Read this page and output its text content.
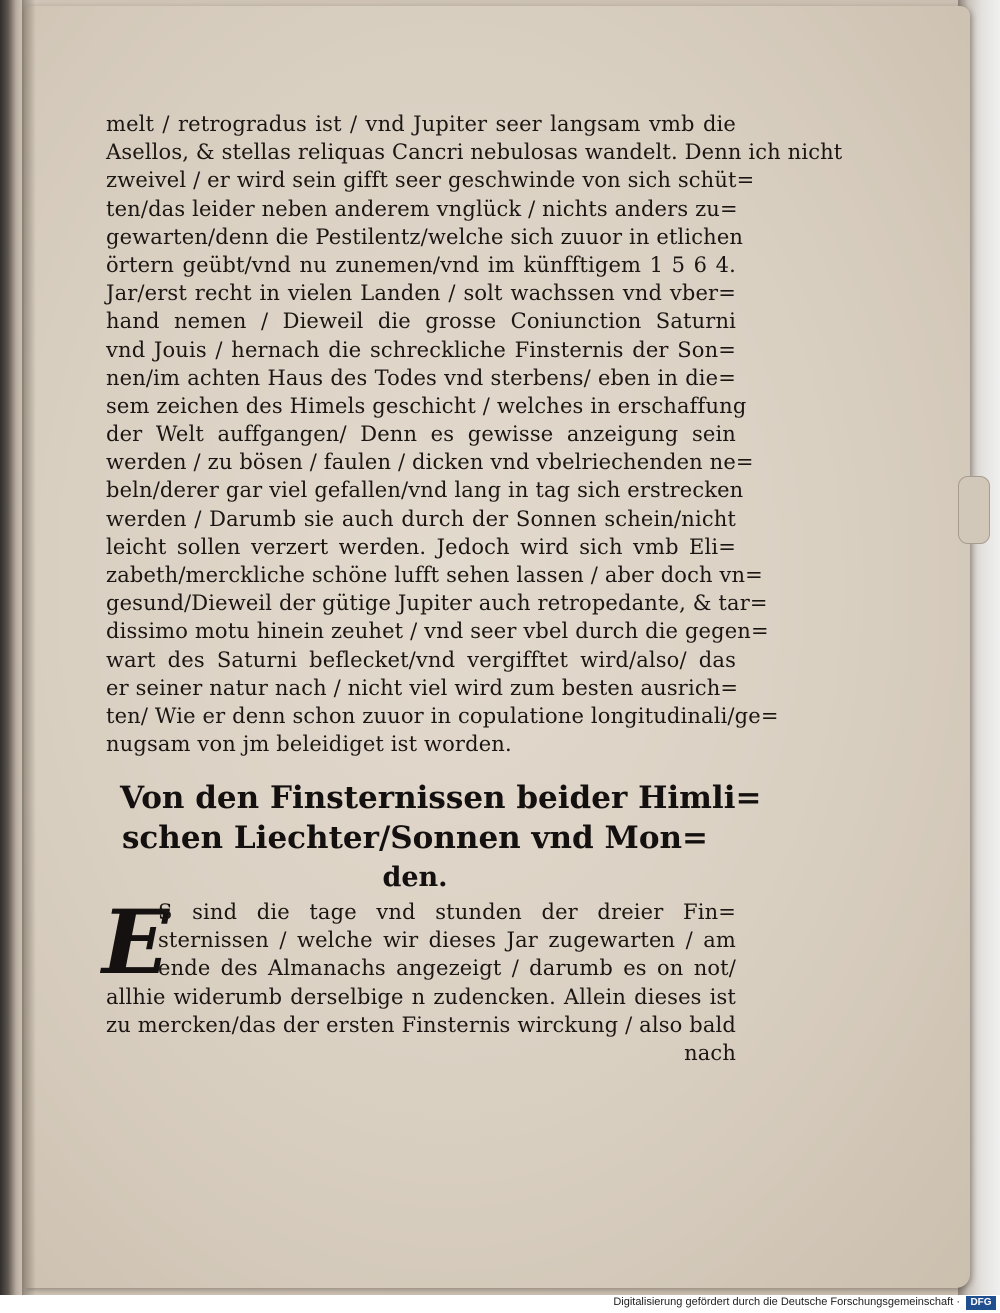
melt / retrogradus ist / vnd Jupiter seer langsam vmb die
Asellos, & stellas reliquas Cancri nebulosas wandelt. Denn ich nicht
zweivel / er wird sein gifft seer geschwinde von sich schüt=
ten/das leider neben anderem vnglück / nichts anders zu=
gewarten/denn die Pestilentz/welche sich zuuor in etlichen
örtern geübt/vnd nu zunemen/vnd im künfftigem 1 5 6 4.
Jar/erst recht in vielen Landen / solt wachssen vnd vber=
hand nemen / Dieweil die grosse Coniunction Saturni
vnd Jouis / hernach die schreckliche Finsternis der Son=
nen/im achten Haus des Todes vnd sterbens/ eben in die=
sem zeichen des Himels geschicht / welches in erschaffung
der Welt auffgangen/ Denn es gewisse anzeigung sein
werden / zu bösen / faulen / dicken vnd vbelriechenden ne=
beln/derer gar viel gefallen/vnd lang in tag sich erstrecken
werden / Darumb sie auch durch der Sonnen schein/nicht
leicht sollen verzert werden. Jedoch wird sich vmb Eli=
zabeth/merckliche schöne lufft sehen lassen / aber doch vn=
gesund/Dieweil der gütige Jupiter auch retropedante, & tar=
dissimo motu hinein zeuhet / vnd seer vbel durch die gegen=
wart des Saturni beflecket/vnd vergifftet wird/also/ das
er seiner natur nach / nicht viel wird zum besten ausrich=
ten/ Wie er denn schon zuuor in copulatione longitudinali/ge=
nugsam von jm beleidiget ist worden.
Von den Finsternissen beider Himli=
schen Liechter/Sonnen vnd Mon=
den.
E
S sind die tage vnd stunden der dreier Fin=
sternissen / welche wir dieses Jar zugewarten / am
ende des Almanachs angezeigt / darumb es on not/
allhie widerumb derselbige n zudencken. Allein dieses ist
zu mercken/das der ersten Finsternis wirckung / also bald
nach
Digitalisierung gefördert durch die Deutsche Forschungsgemeinschaft ·	DFG
